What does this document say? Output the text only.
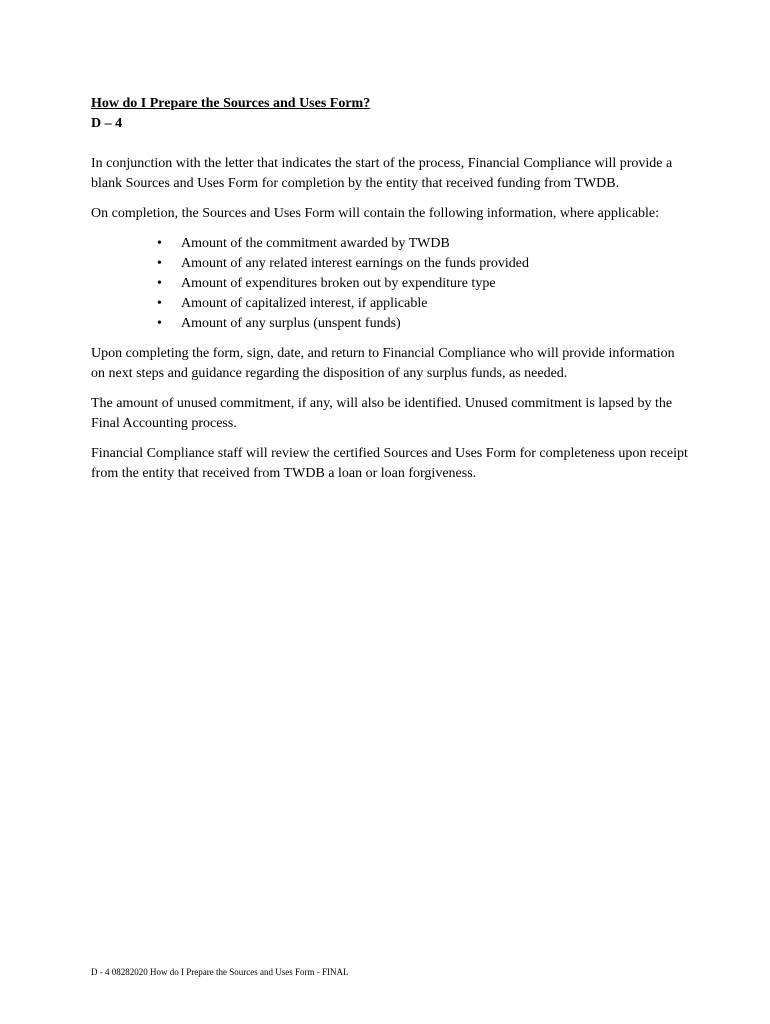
How do I Prepare the Sources and Uses Form?

D – 4

In conjunction with the letter that indicates the start of the process, Financial Compliance will provide a blank Sources and Uses Form for completion by the entity that received funding from TWDB.

On completion, the Sources and Uses Form will contain the following information, where applicable:

•	Amount of the commitment awarded by TWDB
•	Amount of any related interest earnings on the funds provided
•	Amount of expenditures broken out by expenditure type
•	Amount of capitalized interest, if applicable
•	Amount of any surplus (unspent funds)

Upon completing the form, sign, date, and return to Financial Compliance who will provide information on next steps and guidance regarding the disposition of any surplus funds, as needed.

The amount of unused commitment, if any, will also be identified. Unused commitment is lapsed by the Final Accounting process.

Financial Compliance staff will review the certified Sources and Uses Form for completeness upon receipt from the entity that received from TWDB a loan or loan forgiveness.

D - 4 08282020 How do I Prepare the Sources and Uses Form - FINAL
